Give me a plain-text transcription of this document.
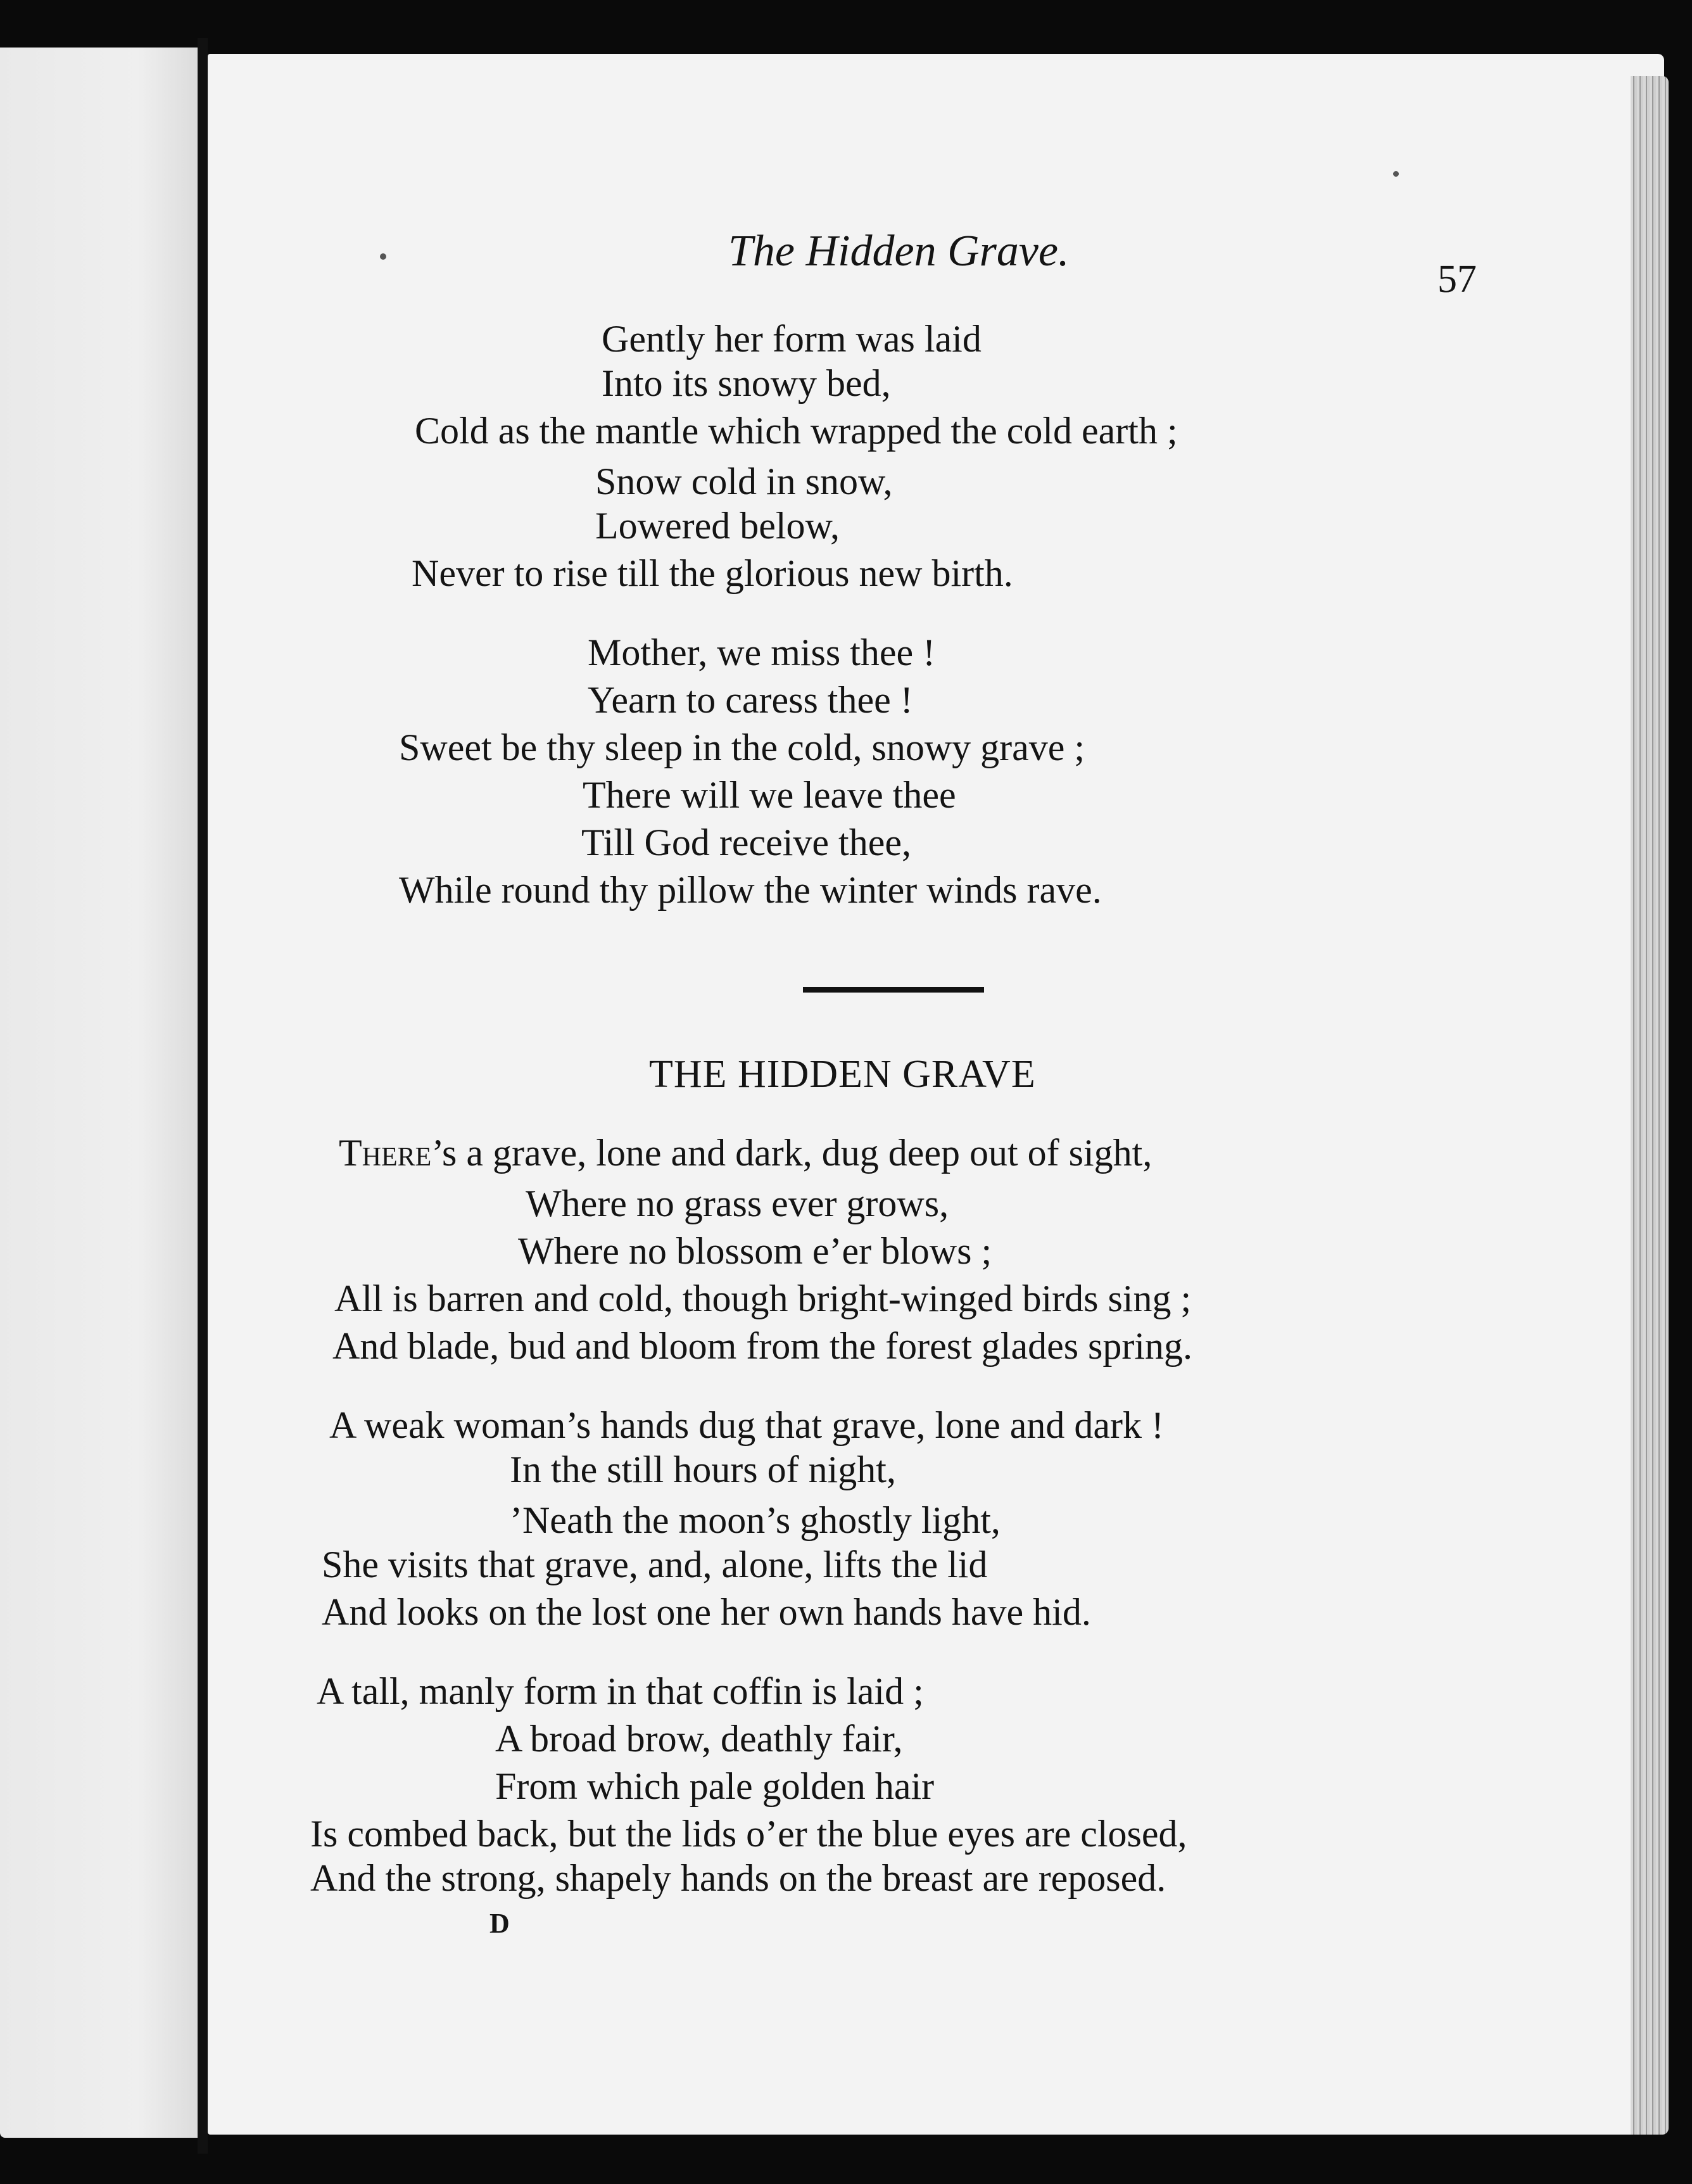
The Hidden Grave.
57
Gently her form was laid
Into its snowy bed,
Cold as the mantle which wrapped the cold earth ;
Snow cold in snow,
Lowered below,
Never to rise till the glorious new birth.
Mother, we miss thee !
Yearn to caress thee !
Sweet be thy sleep in the cold, snowy grave ;
There will we leave thee
Till God receive thee,
While round thy pillow the winter winds rave.
THE HIDDEN GRAVE
There’s a grave, lone and dark, dug deep out of sight,
Where no grass ever grows,
Where no blossom e’er blows ;
All is barren and cold, though bright-winged birds sing ;
And blade, bud and bloom from the forest glades spring.
A weak woman’s hands dug that grave, lone and dark !
In the still hours of night,
’Neath the moon’s ghostly light,
She visits that grave, and, alone, lifts the lid
And looks on the lost one her own hands have hid.
A tall, manly form in that coffin is laid ;
A broad brow, deathly fair,
From which pale golden hair
Is combed back, but the lids o’er the blue eyes are closed,
And the strong, shapely hands on the breast are reposed.
D
